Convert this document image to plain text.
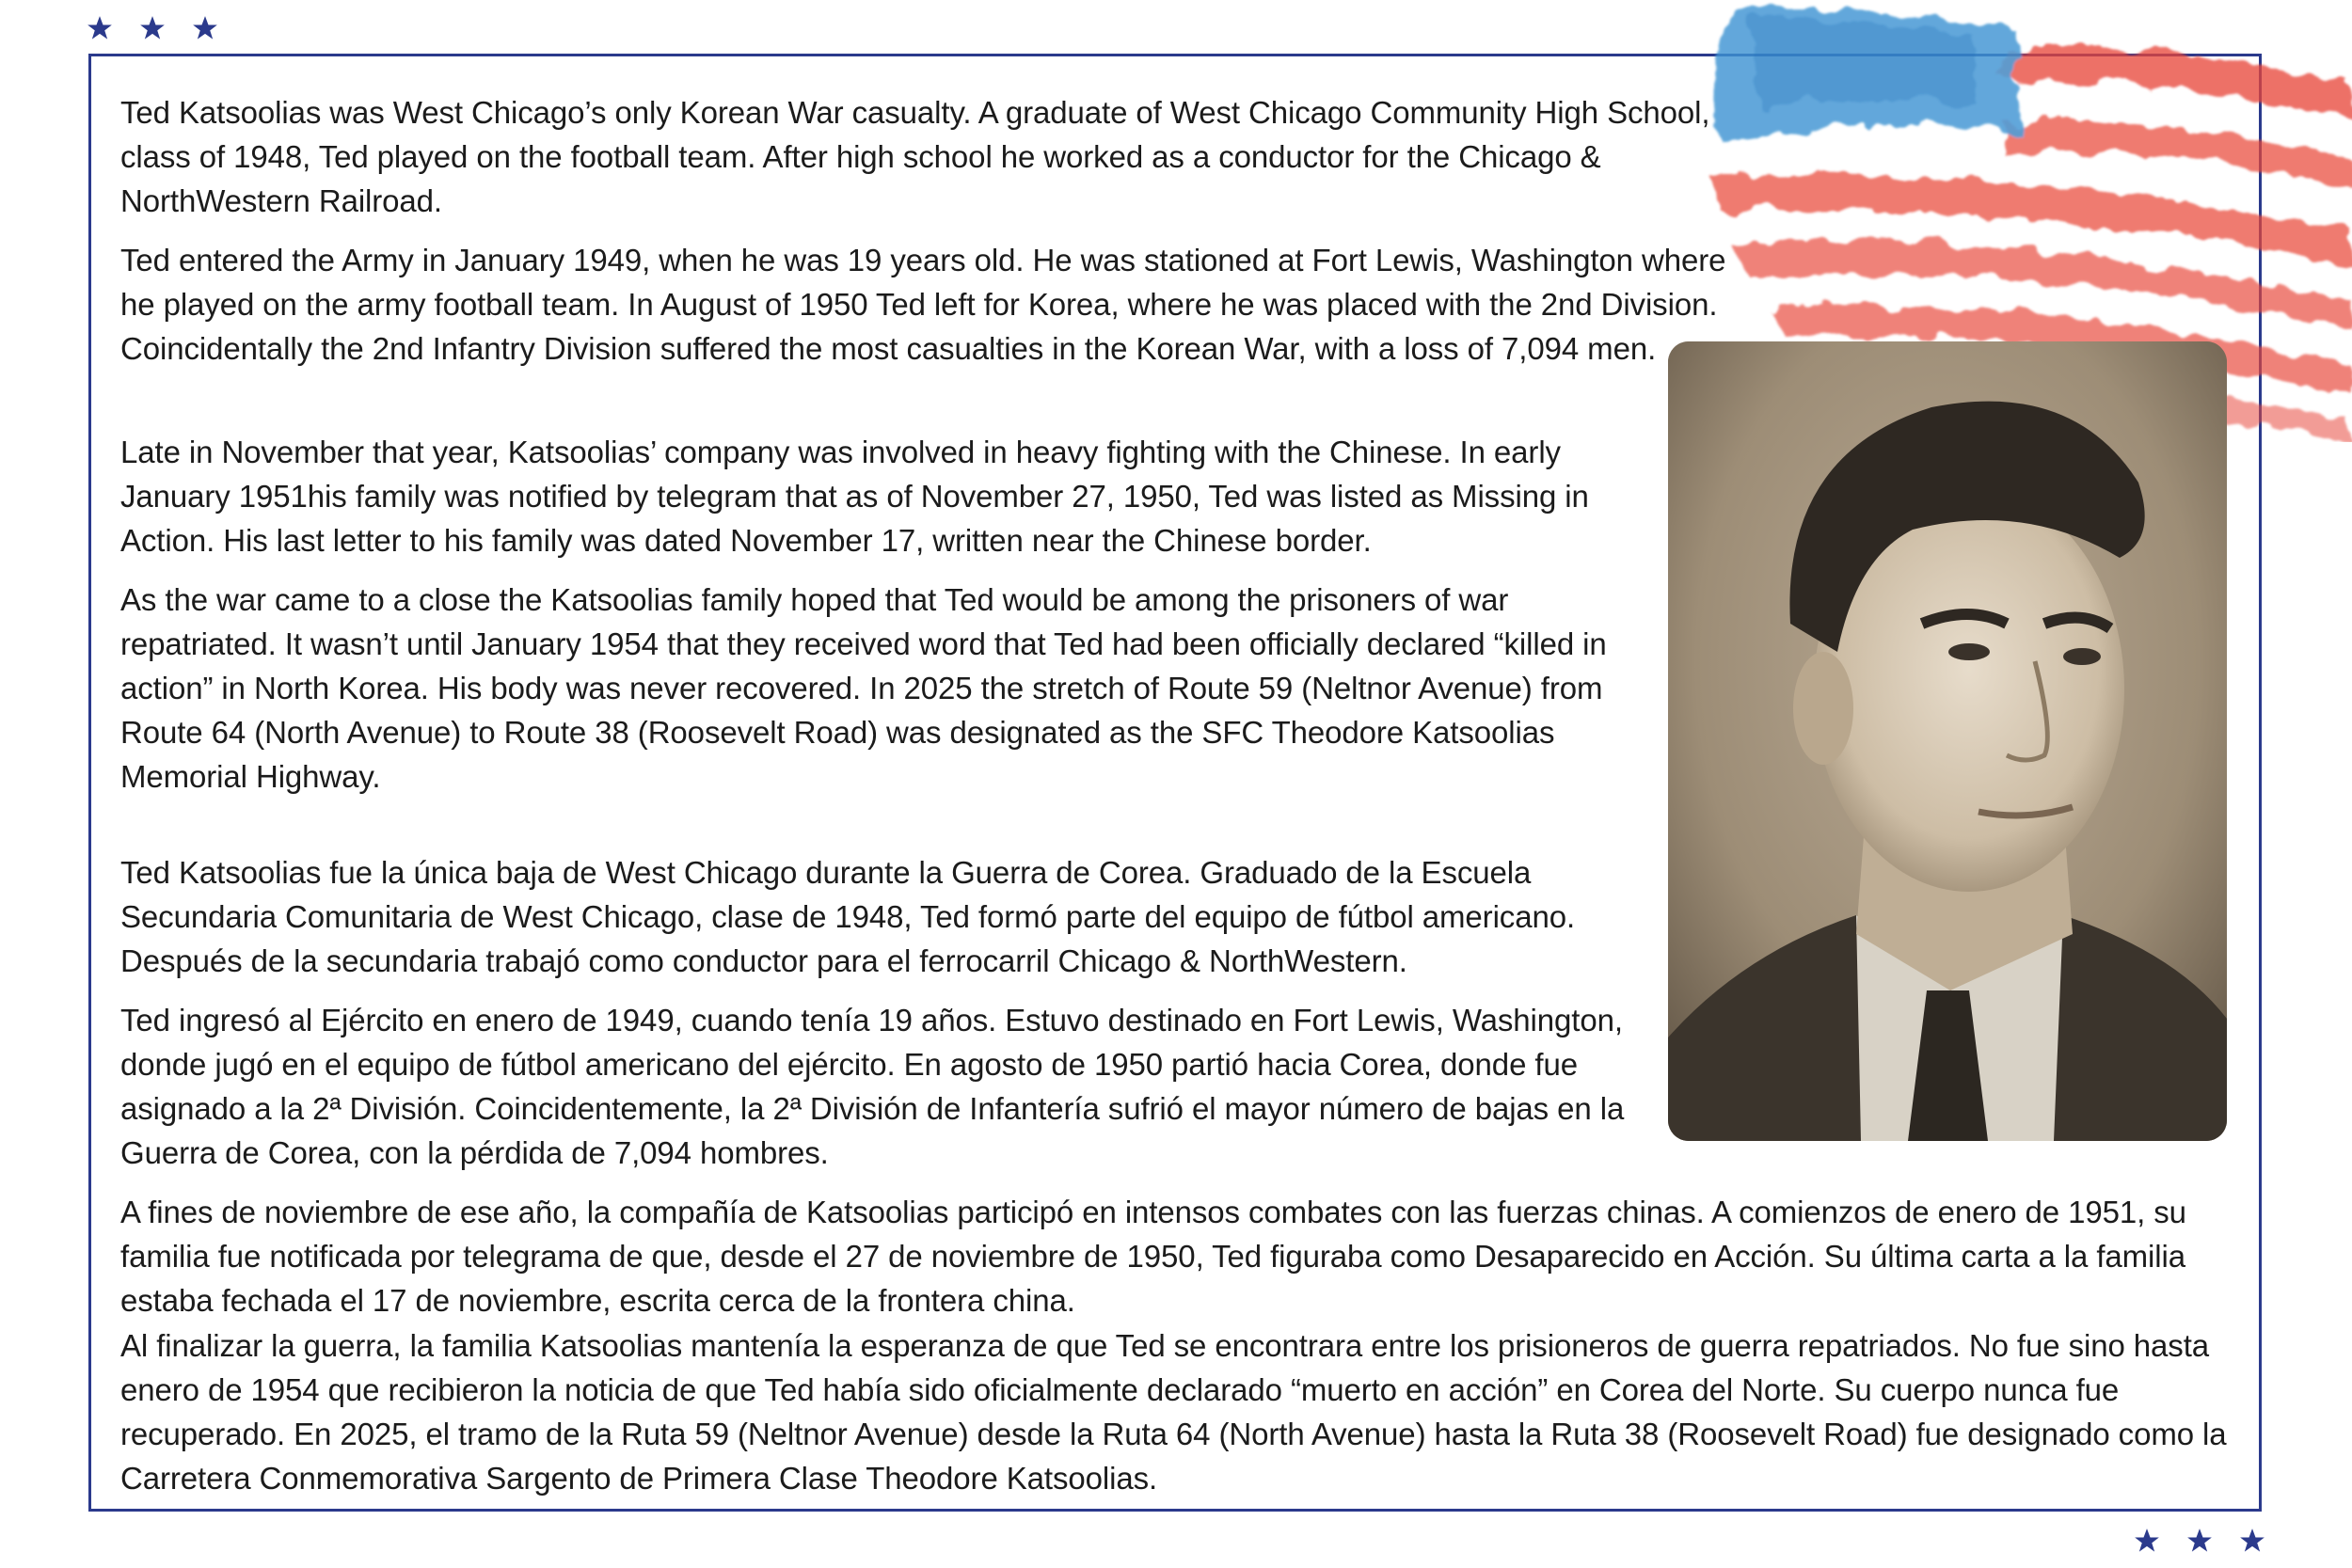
Ted Katsoolias was West Chicago’s only Korean War casualty. A graduate of West Chicago Community High School, class of 1948, Ted played on the football team. After high school he worked as a conductor for the Chicago & NorthWestern Railroad.

Ted entered the Army in January 1949, when he was 19 years old. He was stationed at Fort Lewis, Washington where he played on the army football team. In August of 1950 Ted left for Korea, where he was placed with the 2nd Division. Coincidentally the 2nd Infantry Division suffered the most casualties in the Korean War, with a loss of 7,094 men.

Late in November that year, Katsoolias’ company was involved in heavy fighting with the Chinese. In early January 1951his family was notified by telegram that as of November 27, 1950, Ted was listed as Missing in Action. His last letter to his family was dated November 17, written near the Chinese border.

As the war came to a close the Katsoolias family hoped that Ted would be among the prisoners of war repatriated. It wasn’t until January 1954 that they received word that Ted had been officially declared “killed in action” in North Korea. His body was never recovered. In 2025 the stretch of Route 59 (Neltnor Avenue) from Route 64 (North Avenue) to Route 38 (Roosevelt Road) was designated as the SFC Theodore Katsoolias Memorial Highway.

Ted Katsoolias fue la única baja de West Chicago durante la Guerra de Corea. Graduado de la Escuela Secundaria Comunitaria de West Chicago, clase de 1948, Ted formó parte del equipo de fútbol americano. Después de la secundaria trabajó como conductor para el ferrocarril Chicago & NorthWestern.

Ted ingresó al Ejército en enero de 1949, cuando tenía 19 años. Estuvo destinado en Fort Lewis, Washington, donde jugó en el equipo de fútbol americano del ejército. En agosto de 1950 partió hacia Corea, donde fue asignado a la 2ª División. Coincidentemente, la 2ª División de Infantería sufrió el mayor número de bajas en la Guerra de Corea, con la pérdida de 7,094 hombres.

A fines de noviembre de ese año, la compañía de Katsoolias participó en intensos combates con las fuerzas chinas. A comienzos de enero de 1951, su familia fue notificada por telegrama de que, desde el 27 de noviembre de 1950, Ted figuraba como Desaparecido en Acción. Su última carta a la familia estaba fechada el 17 de noviembre, escrita cerca de la frontera china.

Al finalizar la guerra, la familia Katsoolias mantenía la esperanza de que Ted se encontrara entre los prisioneros de guerra repatriados. No fue sino hasta enero de 1954 que recibieron la noticia de que Ted había sido oficialmente declarado “muerto en acción” en Corea del Norte. Su cuerpo nunca fue recuperado. En 2025, el tramo de la Ruta 59 (Neltnor Avenue) desde la Ruta 64 (North Avenue) hasta la Ruta 38 (Roosevelt Road) fue designado como la Carretera Conmemorativa Sargento de Primera Clase Theodore Katsoolias.
